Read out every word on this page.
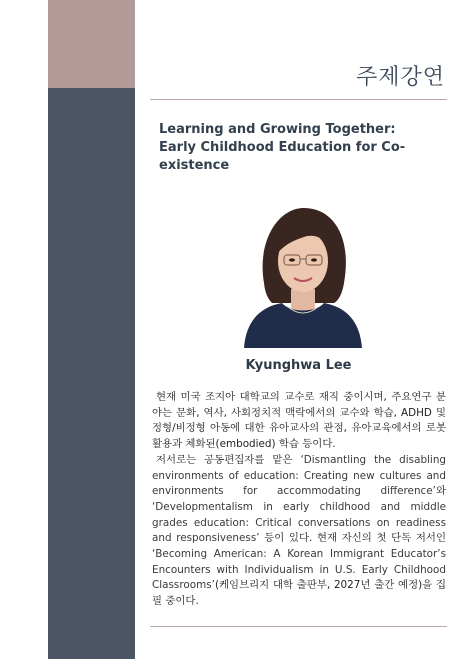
주제강연
Learning and Growing Together:
Early Childhood Education for Co-existence
Kyunghwa Lee

현재 미국 조지아 대학교의 교수로 재직 중이시며, 주요연구 분야는 문화, 역사, 사회정치적 맥락에서의 교수와 학습, ADHD 및 정형/비정형 아동에 대한 유아교사의 관점, 유아교육에서의 로봇활용과 체화된(embodied) 학습 등이다.

저서로는 공동편집자를 맡은 ‘Dismantling the disabling environments of education: Creating new cultures and environments for accommodating difference’와 ‘Developmentalism in early childhood and middle grades education: Critical conversations on readiness and responsiveness’ 등이 있다. 현재 자신의 첫 단독 저서인 ‘Becoming American: A Korean Immigrant Educator’s Encounters with Individualism in U.S. Early Childhood Classrooms’(케임브리지 대학 출판부, 2027년 출간 예정)을 집필 중이다.
